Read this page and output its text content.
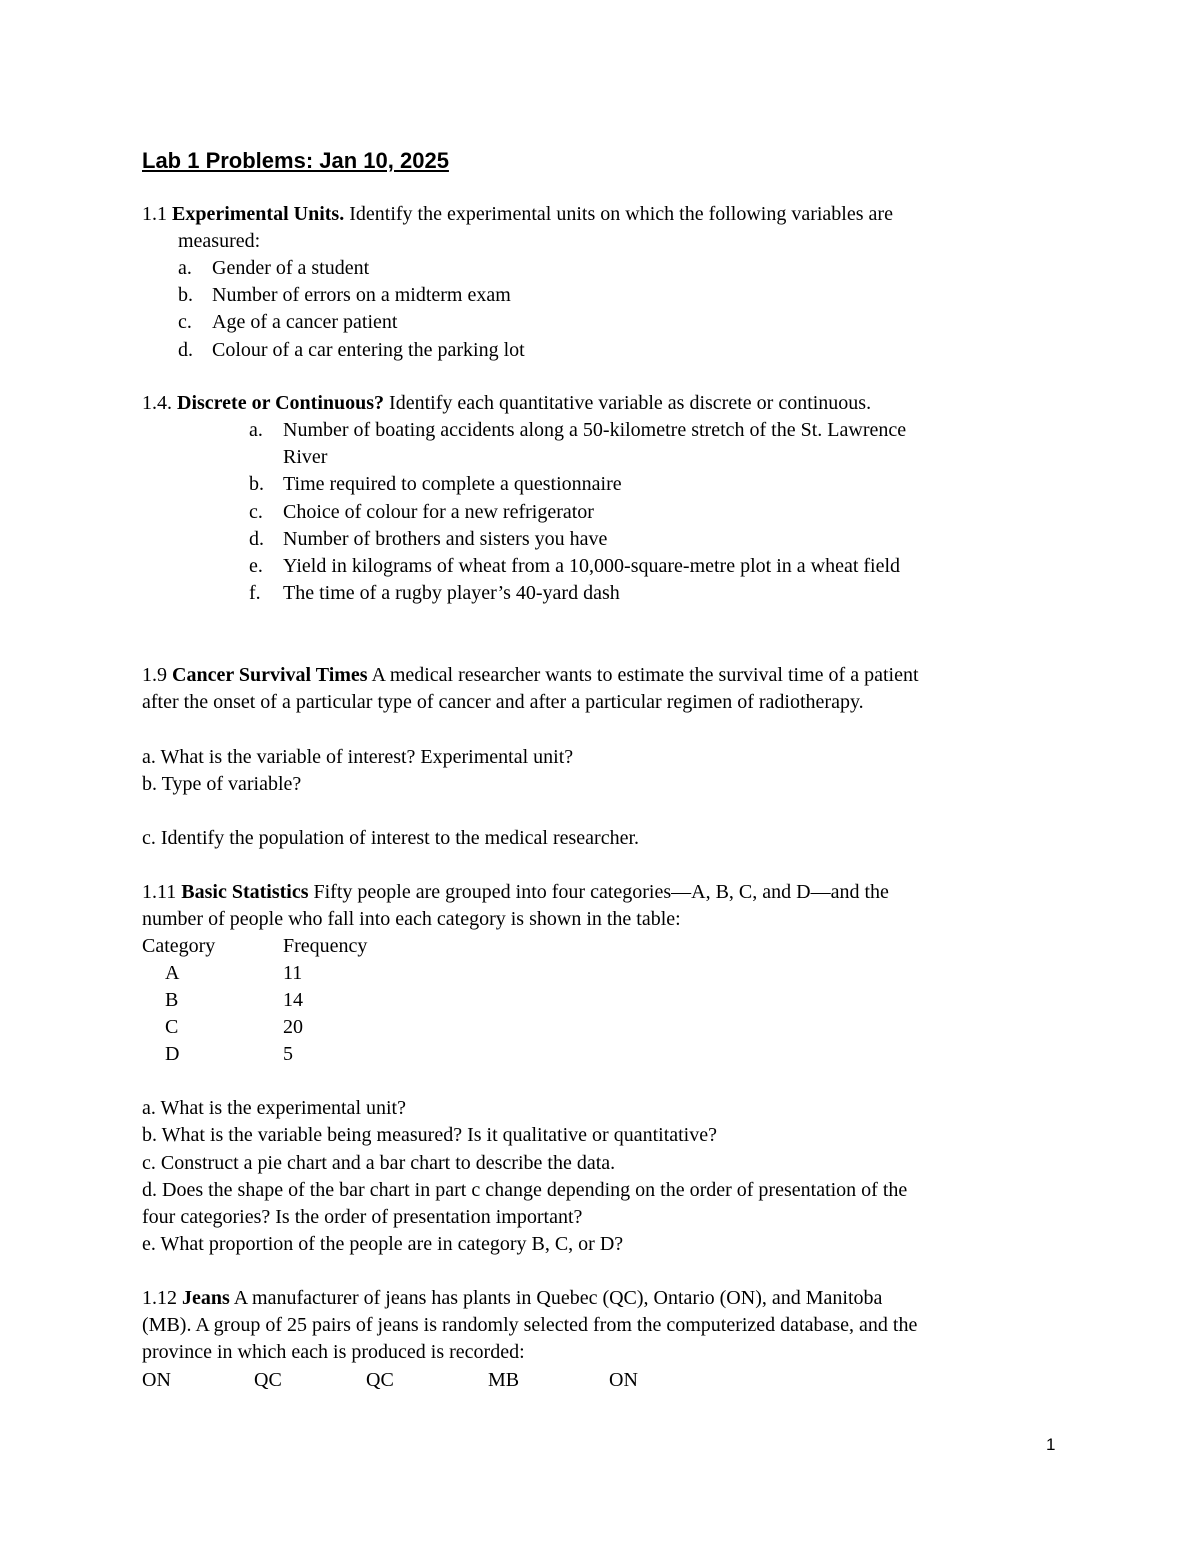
Lab 1 Problems: Jan 10, 2025
1.1 Experimental Units. Identify the experimental units on which the following variables are
measured:
a. Gender of a student
b. Number of errors on a midterm exam
c. Age of a cancer patient
d. Colour of a car entering the parking lot
1.4. Discrete or Continuous? Identify each quantitative variable as discrete or continuous.
a. Number of boating accidents along a 50-kilometre stretch of the St. Lawrence
River
b. Time required to complete a questionnaire
c. Choice of colour for a new refrigerator
d. Number of brothers and sisters you have
e. Yield in kilograms of wheat from a 10,000-square-metre plot in a wheat field
f. The time of a rugby player’s 40-yard dash
1.9 Cancer Survival Times A medical researcher wants to estimate the survival time of a patient
after the onset of a particular type of cancer and after a particular regimen of radiotherapy.
a. What is the variable of interest? Experimental unit?
b. Type of variable?
c. Identify the population of interest to the medical researcher.
1.11 Basic Statistics Fifty people are grouped into four categories—A, B, C, and D—and the
number of people who fall into each category is shown in the table:
Category	Frequency
A	11
B	14
C	20
D	5
a. What is the experimental unit?
b. What is the variable being measured? Is it qualitative or quantitative?
c. Construct a pie chart and a bar chart to describe the data.
d. Does the shape of the bar chart in part c change depending on the order of presentation of the
four categories? Is the order of presentation important?
e. What proportion of the people are in category B, C, or D?
1.12 Jeans A manufacturer of jeans has plants in Quebec (QC), Ontario (ON), and Manitoba
(MB). A group of 25 pairs of jeans is randomly selected from the computerized database, and the
province in which each is produced is recorded:
ON	QC	QC	MB	ON
1
